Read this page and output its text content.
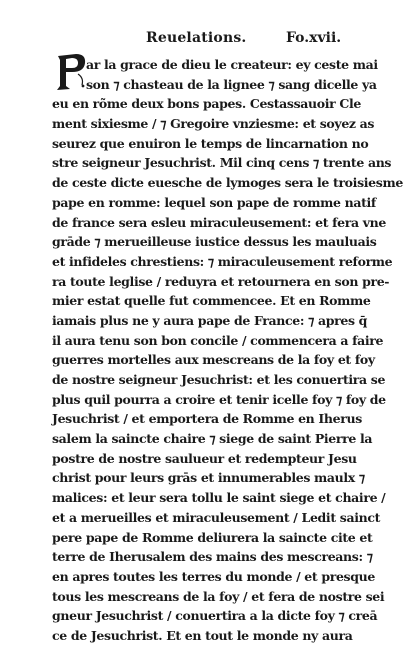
Reuelations.	Fo.xvii.
ar la grace de dieu le createur: ey ceste mai
son ⁊ chasteau de la lignee ⁊ sang dicelle ya
eu en rõme deux bons papes. Cestassauoir Cle
ment sixiesme / ⁊ Gregoire vnziesme: et soyez as
seurez que enuiron le temps de lincarnation no
stre seigneur Jesuchrist. Mil cinq cens ⁊ trente ans
de ceste dicte euesche de lymoges sera le troisiesme
pape en romme: lequel son pape de romme natif
de france sera esleu miraculeusement: et fera vne
grāde ⁊ merueilleuse iustice dessus les mauluais
et infideles chrestiens: ⁊ miraculeusement reforme
ra toute leglise / reduyra et retournera en son pre-
mier estat quelle fut commencee. Et en Romme
iamais plus ne y aura pape de France: ⁊ apres q̄
il aura tenu son bon concile / commencera a faire
guerres mortelles aux mescreans de la foy et foy
de nostre seigneur Jesuchrist: et les conuertira se
plus quil pourra a croire et tenir icelle foy ⁊ foy de
Jesuchrist / et emportera de Romme en Iherus
salem la saincte chaire ⁊ siege de saint Pierre la
postre de nostre saulueur et redempteur Jesu
christ pour leurs grās et innumerables maulx ⁊
malices: et leur sera tollu le saint siege et chaire /
et a merueilles et miraculeusement / Ledit sainct
pere pape de Romme deliurera la saincte cite et
terre de Iherusalem des mains des mescreans: ⁊
en apres toutes les terres du monde / et presque
tous les mescreans de la foy / et fera de nostre sei
gneur Jesuchrist / conuertira a la dicte foy ⁊ creā
ce de Jesuchrist. Et en tout le monde ny aura
